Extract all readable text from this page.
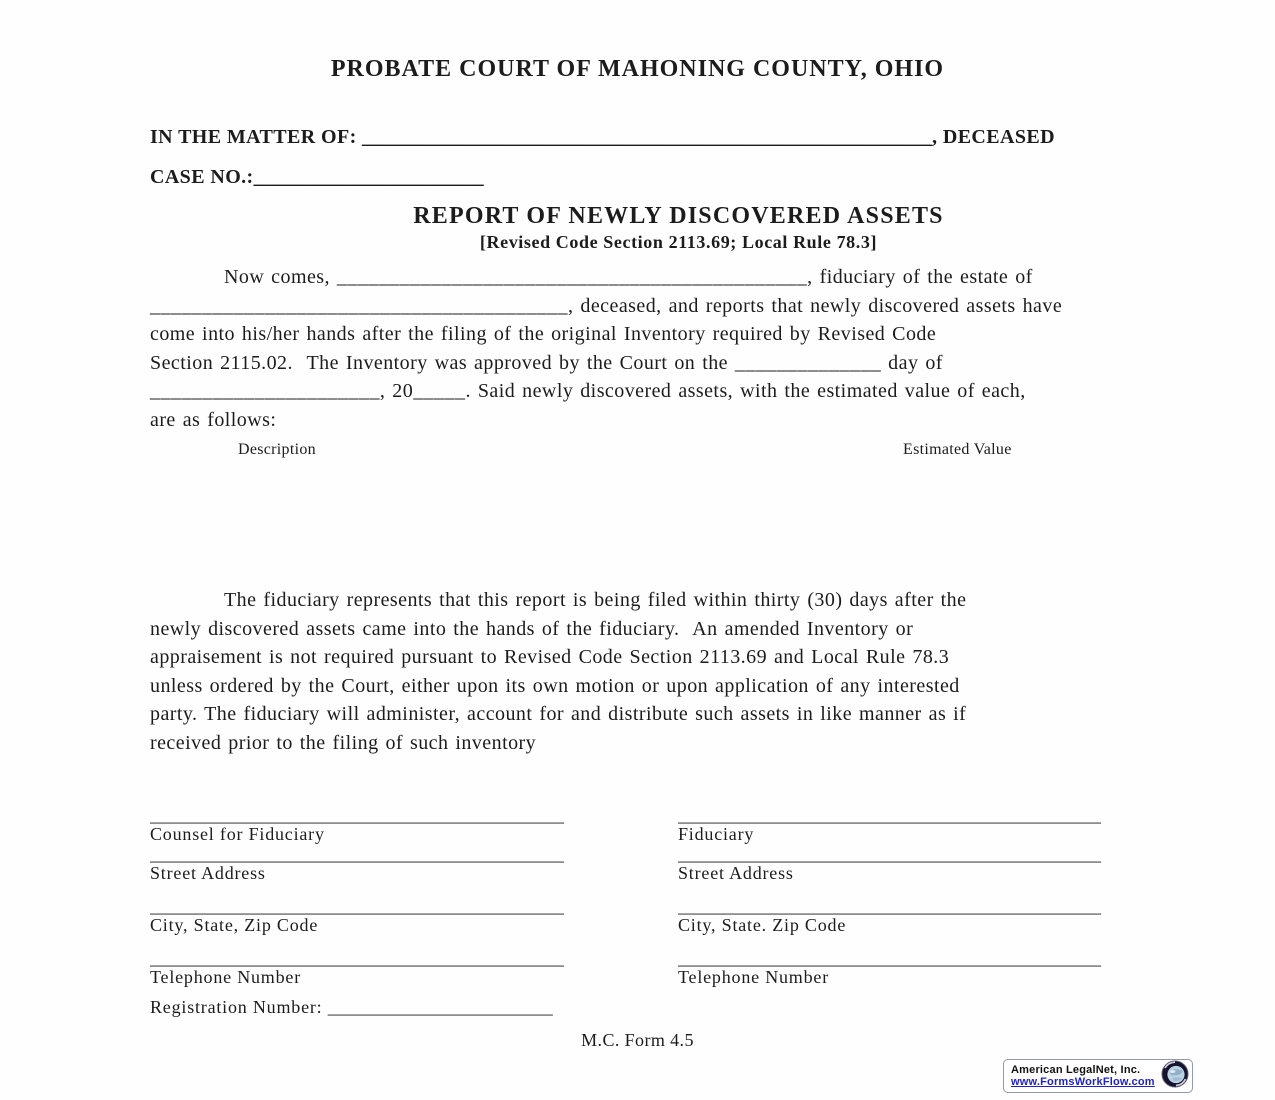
PROBATE COURT OF MAHONING COUNTY, OHIO
IN THE MATTER OF: _________________________________________________________, DECEASED
CASE NO.:_______________________
REPORT OF NEWLY DISCOVERED ASSETS
[Revised Code Section 2113.69; Local Rule 78.3]
Now comes, _____________________________________________, fiduciary of the estate of
________________________________________, deceased, and reports that newly discovered assets have
come into his/her hands after the filing of the original Inventory required by Revised Code
Section 2115.02.  The Inventory was approved by the Court on the ______________ day of
______________________, 20_____. Said newly discovered assets, with the estimated value of each,
are as follows:
Description	Estimated Value
The fiduciary represents that this report is being filed within thirty (30) days after the
newly discovered assets came into the hands of the fiduciary.  An amended Inventory or
appraisement is not required pursuant to Revised Code Section 2113.69 and Local Rule 78.3
unless ordered by the Court, either upon its own motion or upon application of any interested
party. The fiduciary will administer, account for and distribute such assets in like manner as if
received prior to the filing of such inventory
______________________________________________
Counsel for Fiduciary
______________________________________________
Street Address
______________________________________________
City, State, Zip Code
______________________________________________
Telephone Number
Registration Number: _________________________
_______________________________________________
Fiduciary
_______________________________________________
Street Address
_______________________________________________
City, State. Zip Code
_______________________________________________
Telephone Number
M.C. Form 4.5
American LegalNet, Inc.
www.FormsWorkFlow.com
